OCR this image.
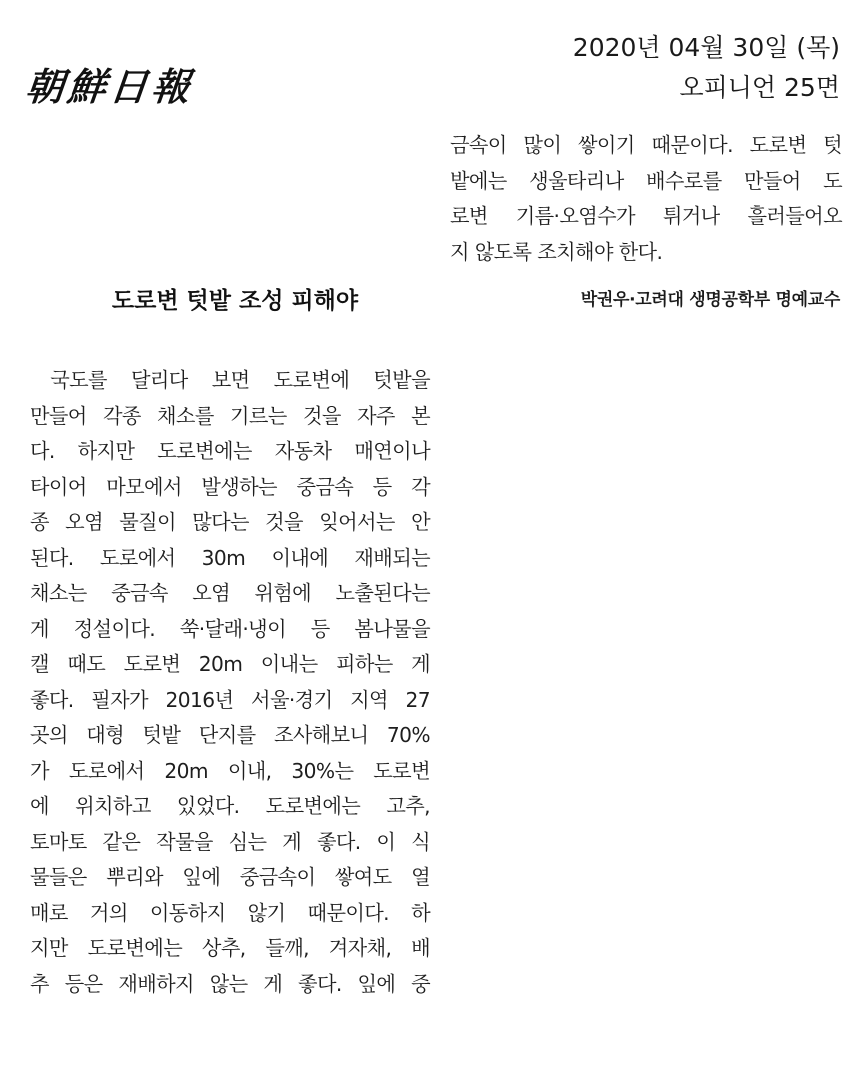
朝鮮日報
2020년 04월 30일 (목)
오피니언 25면
도로변 텃밭 조성 피해야
국도를 달리다 보면 도로변에 텃밭을
만들어 각종 채소를 기르는 것을 자주 본
다. 하지만 도로변에는 자동차 매연이나
타이어 마모에서 발생하는 중금속 등 각
종 오염 물질이 많다는 것을 잊어서는 안
된다. 도로에서 30m 이내에 재배되는
채소는 중금속 오염 위험에 노출된다는
게 정설이다. 쑥·달래·냉이 등 봄나물을
캘 때도 도로변 20m 이내는 피하는 게
좋다. 필자가 2016년 서울·경기 지역 27
곳의 대형 텃밭 단지를 조사해보니 70%
가 도로에서 20m 이내, 30%는 도로변
에 위치하고 있었다. 도로변에는 고추,
토마토 같은 작물을 심는 게 좋다. 이 식
물들은 뿌리와 잎에 중금속이 쌓여도 열
매로 거의 이동하지 않기 때문이다. 하
지만 도로변에는 상추, 들깨, 겨자채, 배
추 등은 재배하지 않는 게 좋다. 잎에 중
금속이 많이 쌓이기 때문이다. 도로변 텃
밭에는 생울타리나 배수로를 만들어 도
로변 기름·오염수가 튀거나 흘러들어오
지 않도록 조치해야 한다.
박권우·고려대 생명공학부 명예교수
